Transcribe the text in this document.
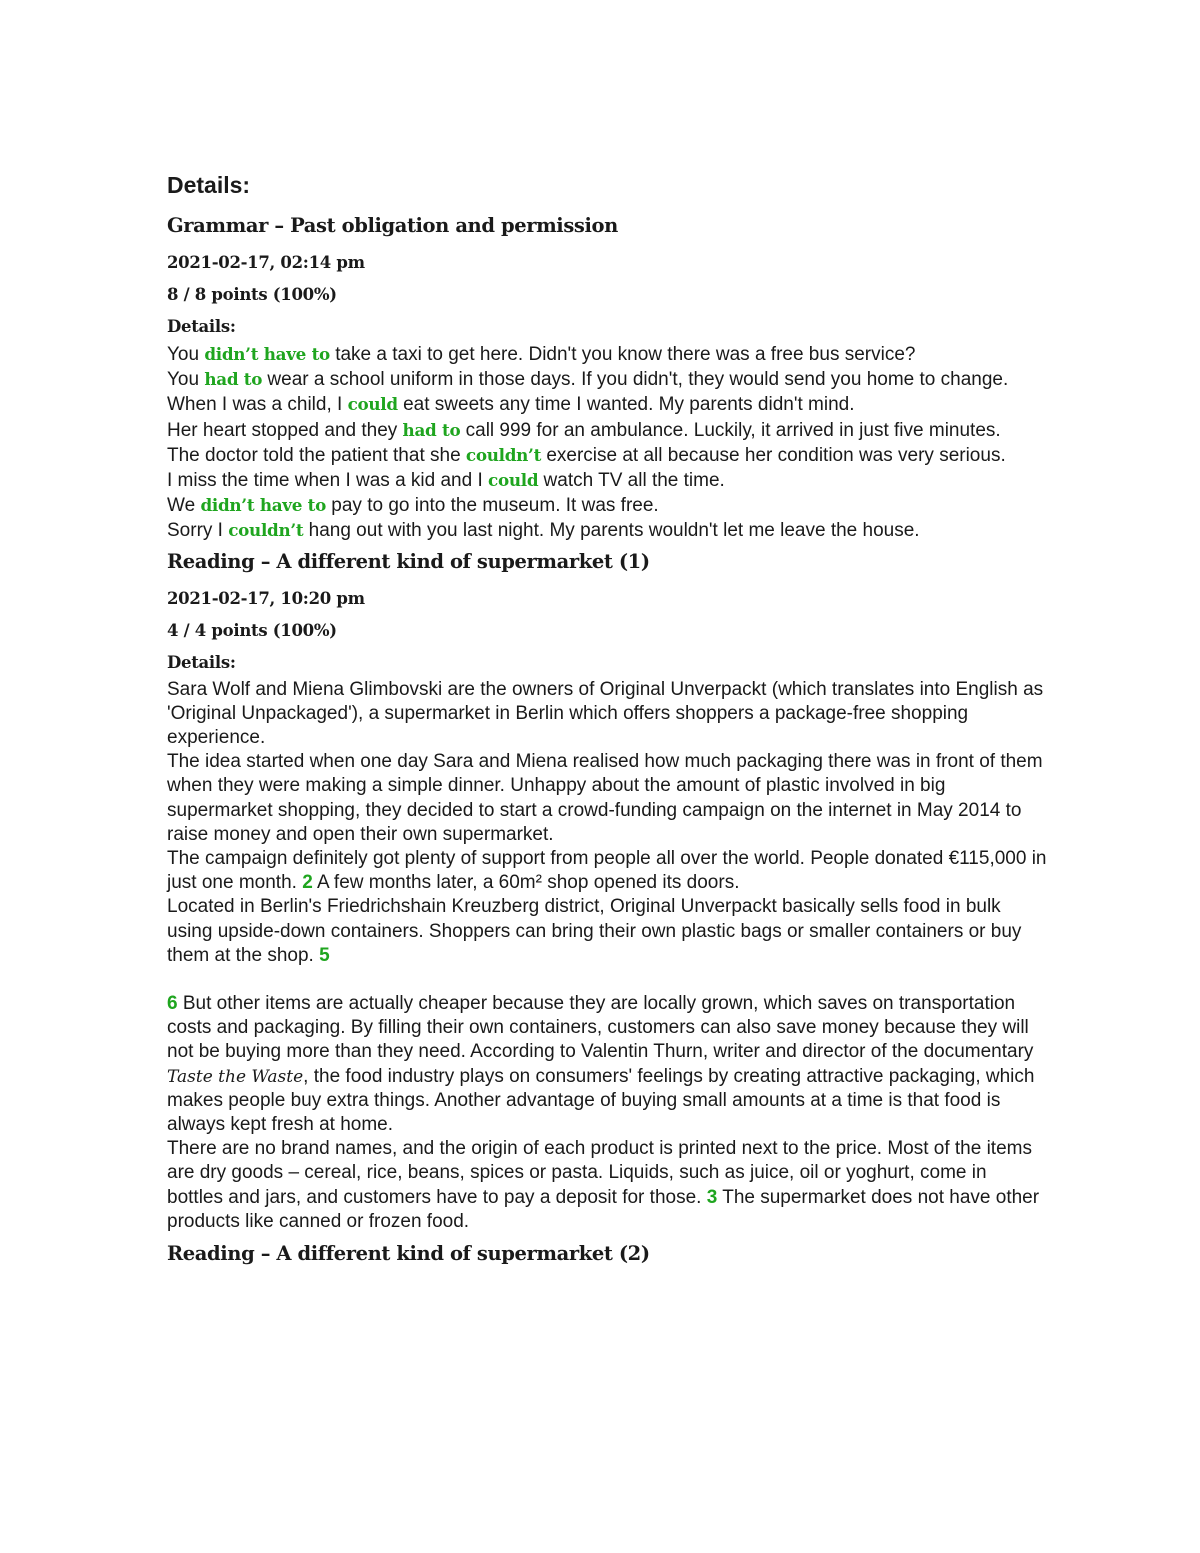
Details:
Grammar – Past obligation and permission
2021-02-17, 02:14 pm
8 / 8 points (100%)
Details:
You didn’t have to take a taxi to get here. Didn't you know there was a free bus service?
You had to wear a school uniform in those days. If you didn't, they would send you home to change.
When I was a child, I could eat sweets any time I wanted. My parents didn't mind.
Her heart stopped and they had to call 999 for an ambulance. Luckily, it arrived in just five minutes.
The doctor told the patient that she couldn’t exercise at all because her condition was very serious.
I miss the time when I was a kid and I could watch TV all the time.
We didn’t have to pay to go into the museum. It was free.
Sorry I couldn’t hang out with you last night. My parents wouldn't let me leave the house.
Reading – A different kind of supermarket (1)
2021-02-17, 10:20 pm
4 / 4 points (100%)
Details:
Sara Wolf and Miena Glimbovski are the owners of Original Unverpackt (which translates into English as 'Original Unpackaged'), a supermarket in Berlin which offers shoppers a package-free shopping experience.
The idea started when one day Sara and Miena realised how much packaging there was in front of them when they were making a simple dinner. Unhappy about the amount of plastic involved in big supermarket shopping, they decided to start a crowd-funding campaign on the internet in May 2014 to raise money and open their own supermarket.
The campaign definitely got plenty of support from people all over the world. People donated €115,000 in just one month. 2 A few months later, a 60m² shop opened its doors.
Located in Berlin's Friedrichshain Kreuzberg district, Original Unverpackt basically sells food in bulk using upside-down containers. Shoppers can bring their own plastic bags or smaller containers or buy them at the shop. 5
6 But other items are actually cheaper because they are locally grown, which saves on transportation costs and packaging. By filling their own containers, customers can also save money because they will not be buying more than they need. According to Valentin Thurn, writer and director of the documentary Taste the Waste, the food industry plays on consumers' feelings by creating attractive packaging, which makes people buy extra things. Another advantage of buying small amounts at a time is that food is always kept fresh at home.
There are no brand names, and the origin of each product is printed next to the price. Most of the items are dry goods – cereal, rice, beans, spices or pasta. Liquids, such as juice, oil or yoghurt, come in bottles and jars, and customers have to pay a deposit for those. 3 The supermarket does not have other products like canned or frozen food.
Reading – A different kind of supermarket (2)
